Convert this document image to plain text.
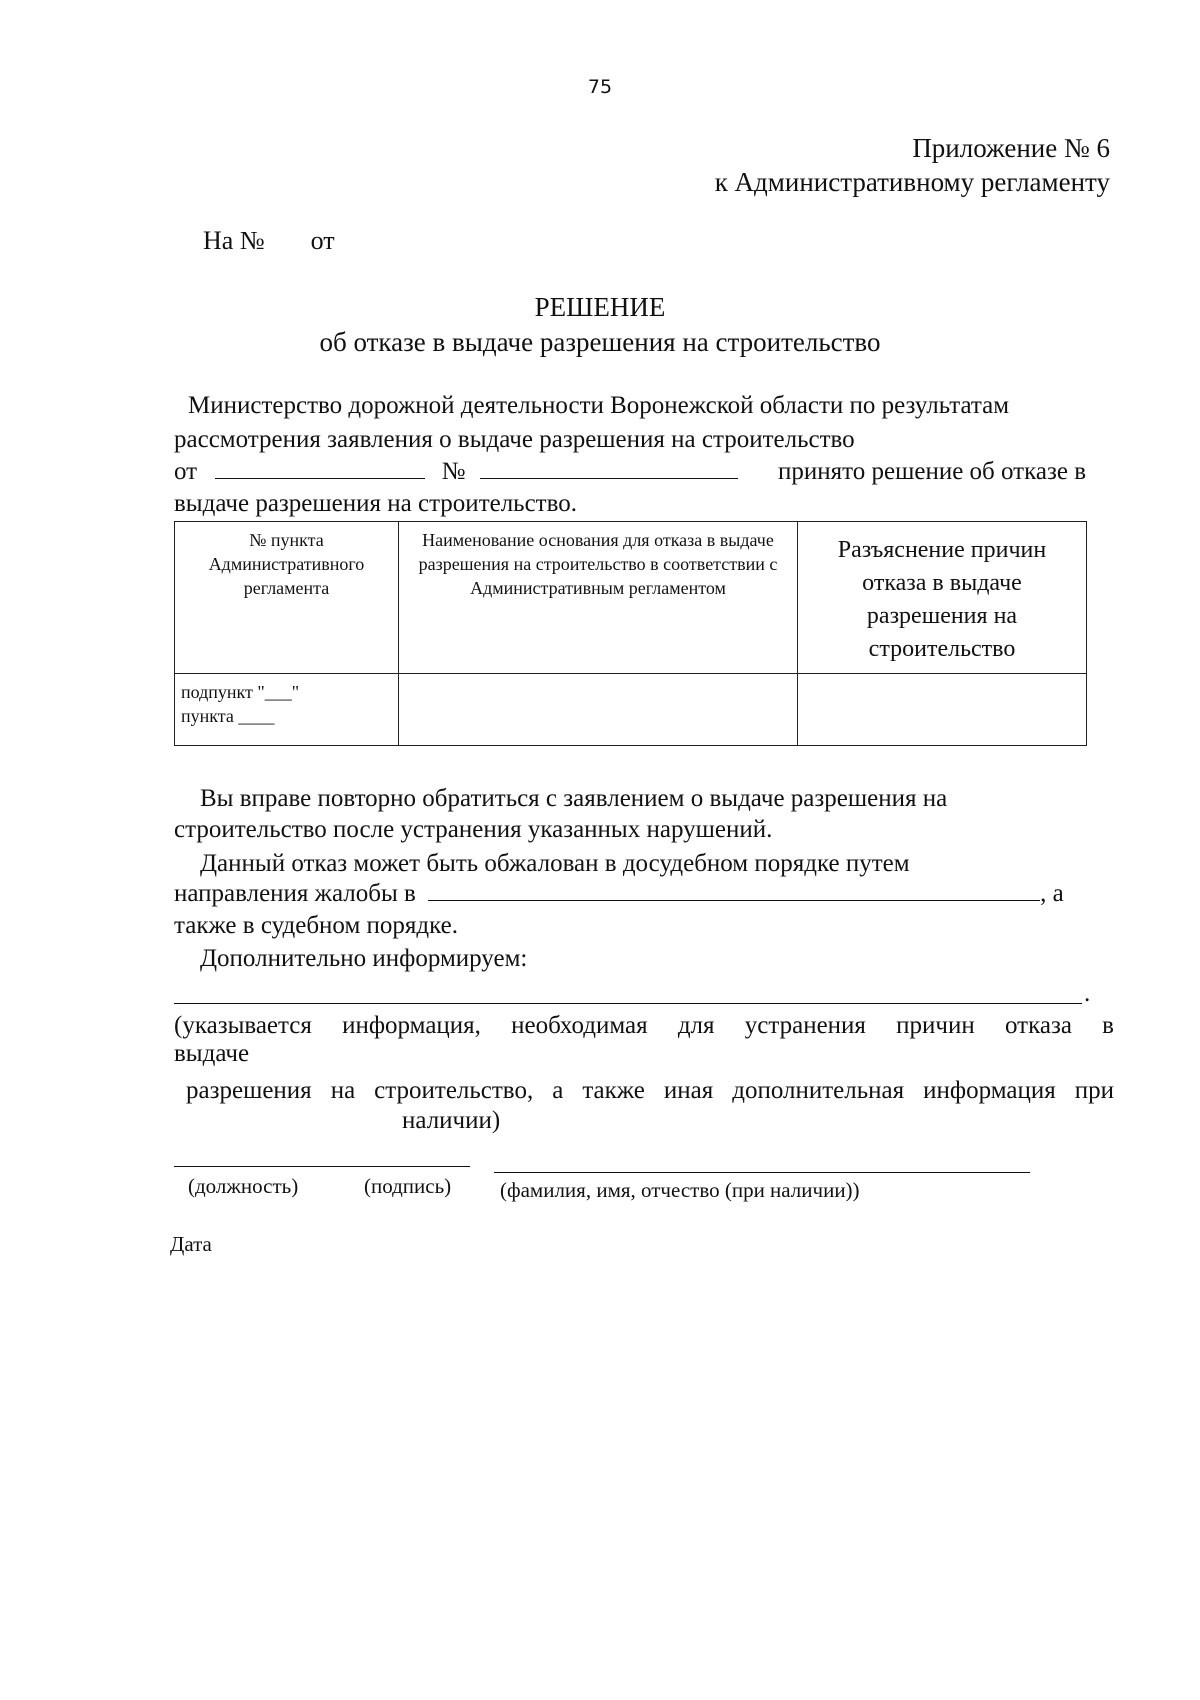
75
Приложение № 6
к Административному регламенту
На № от
РЕШЕНИЕ
об отказе в выдаче разрешения на строительство
Министерство дорожной деятельности Воронежской области по результатам
рассмотрения заявления о выдаче разрешения на строительство
от	№	принято решение об отказе в
выдаче разрешения на строительство.
№ пункта Административного регламента	Наименование основания для отказа в выдаче разрешения на строительство в соответствии с Административным регламентом	Разъяснение причин отказа в выдаче разрешения на строительство

подпункт "___"
пункта ____		

Вы вправе повторно обратиться с заявлением о выдаче разрешения на
строительство после устранения указанных нарушений.
Данный отказ может быть обжалован в досудебном порядке путем
направления жалобы в	, а
также в судебном порядке.
Дополнительно информируем:
.
(указывается информация, необходимая для устранения причин отказа в
выдаче
разрешения на строительство, а также иная дополнительная информация при
наличии)
(должность)	(подпись) (фамилия, имя, отчество (при наличии))
Дата
